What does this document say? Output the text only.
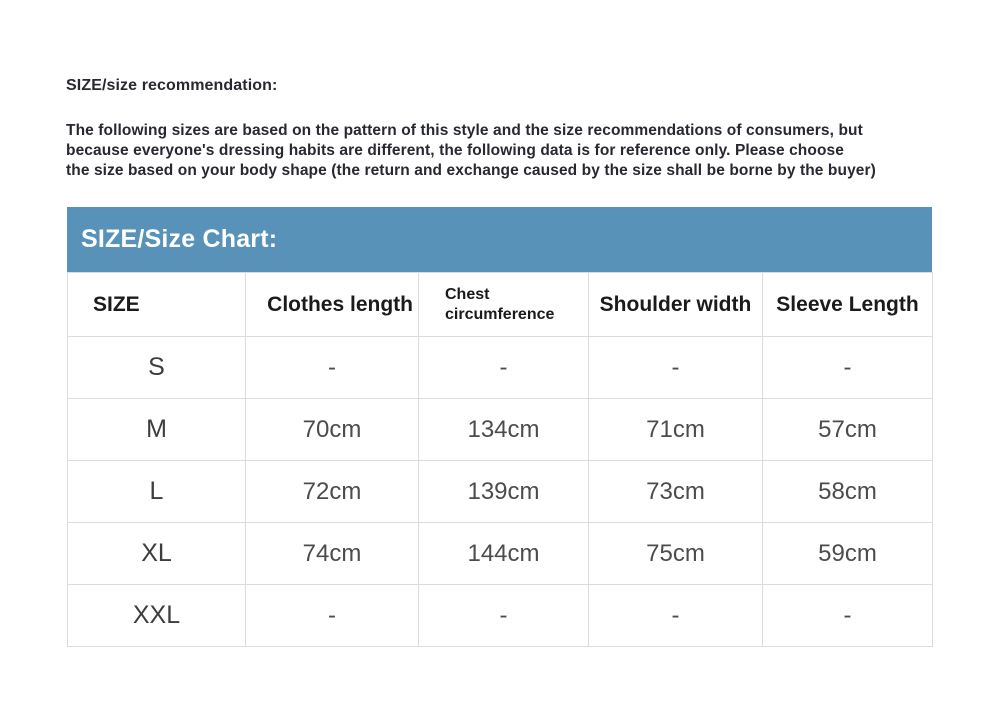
SIZE/size recommendation:
The following sizes are based on the pattern of this style and the size recommendations of consumers, but
because everyone's dressing habits are different, the following data is for reference only. Please choose
the size based on your body shape (the return and exchange caused by the size shall be borne by the buyer)
SIZE/Size Chart:
SIZE	Clothes length	Chest circumference	Shoulder width	Sleeve Length
S	-	-	-	-
M	70cm	134cm	71cm	57cm
L	72cm	139cm	73cm	58cm
XL	74cm	144cm	75cm	59cm
XXL	-	-	-	-
